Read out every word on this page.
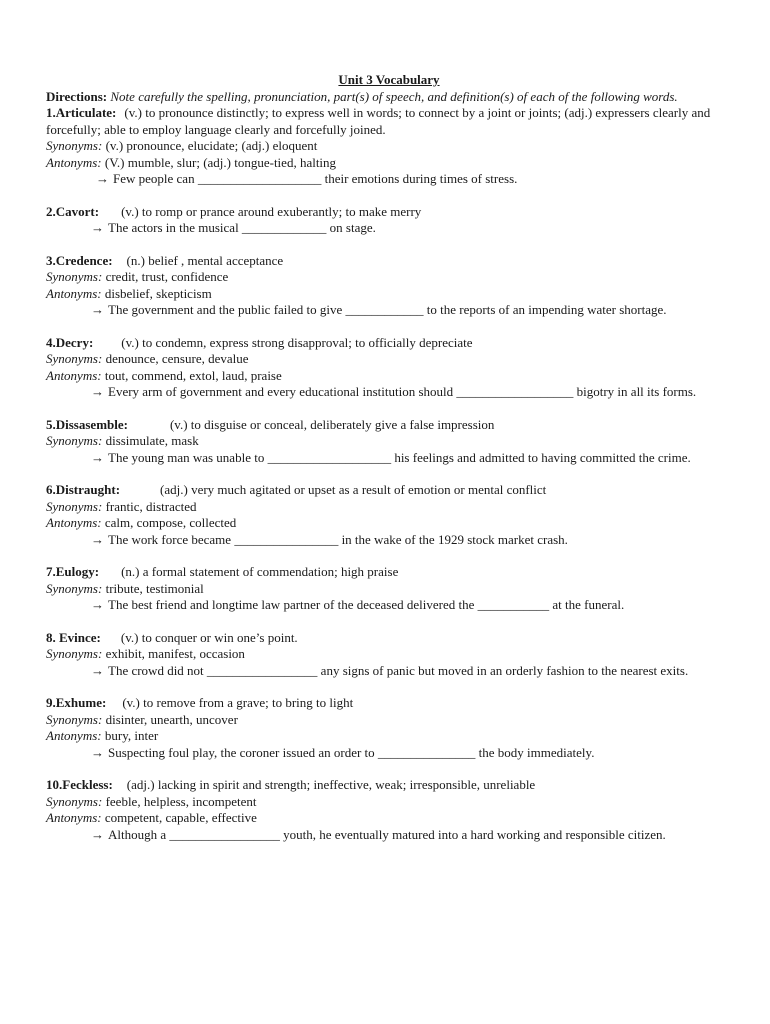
Unit 3 Vocabulary

Directions: Note carefully the spelling, pronunciation, part(s) of speech, and definition(s) of each of the following words.

1.Articulate: (v.) to pronounce distinctly; to express well in words; to connect by a joint or joints; (adj.) expressers clearly and forcefully; able to employ language clearly and forcefully joined.

Synonyms: (v.) pronounce, elucidate; (adj.) eloquent

Antonyms: (V.) mumble, slur; (adj.) tongue-tied, halting

→ Few people can ___________________ their emotions during times of stress.

2.Cavort: (v.) to romp or prance around exuberantly; to make merry

→ The actors in the musical _____________ on stage.

3.Credence: (n.) belief , mental acceptance

Synonyms: credit, trust, confidence

Antonyms: disbelief, skepticism

→ The government and the public failed to give ____________ to the reports of an impending water shortage.

4.Decry: (v.) to condemn, express strong disapproval; to officially depreciate

Synonyms: denounce, censure, devalue

Antonyms: tout, commend, extol, laud, praise

→ Every arm of government and every educational institution should __________________ bigotry in all its forms.

5.Dissasemble:	(v.) to disguise or conceal, deliberately give a false impression

Synonyms: dissimulate, mask

→ The young man was unable to ___________________ his feelings and admitted to having committed the crime.

6.Distraught:	(adj.) very much agitated or upset as a result of emotion or mental conflict

Synonyms: frantic, distracted

Antonyms: calm, compose, collected

→ The work force became ________________ in the wake of the 1929 stock market crash.

7.Eulogy: (n.) a formal statement of commendation; high praise

Synonyms: tribute, testimonial

→ The best friend and longtime law partner of the deceased delivered the ___________ at the funeral.

8. Evince: (v.) to conquer or win one’s point.

Synonyms: exhibit, manifest, occasion

→ The crowd did not _________________ any signs of panic but moved in an orderly fashion to the nearest exits.

9.Exhume: (v.) to remove from a grave; to bring to light

Synonyms: disinter, unearth, uncover

Antonyms: bury, inter

→ Suspecting foul play, the coroner issued an order to _______________ the body immediately.

10.Feckless: (adj.) lacking in spirit and strength; ineffective, weak; irresponsible, unreliable

Synonyms: feeble, helpless, incompetent

Antonyms: competent, capable, effective

→ Although a _________________ youth, he eventually matured into a hard working and responsible citizen.
